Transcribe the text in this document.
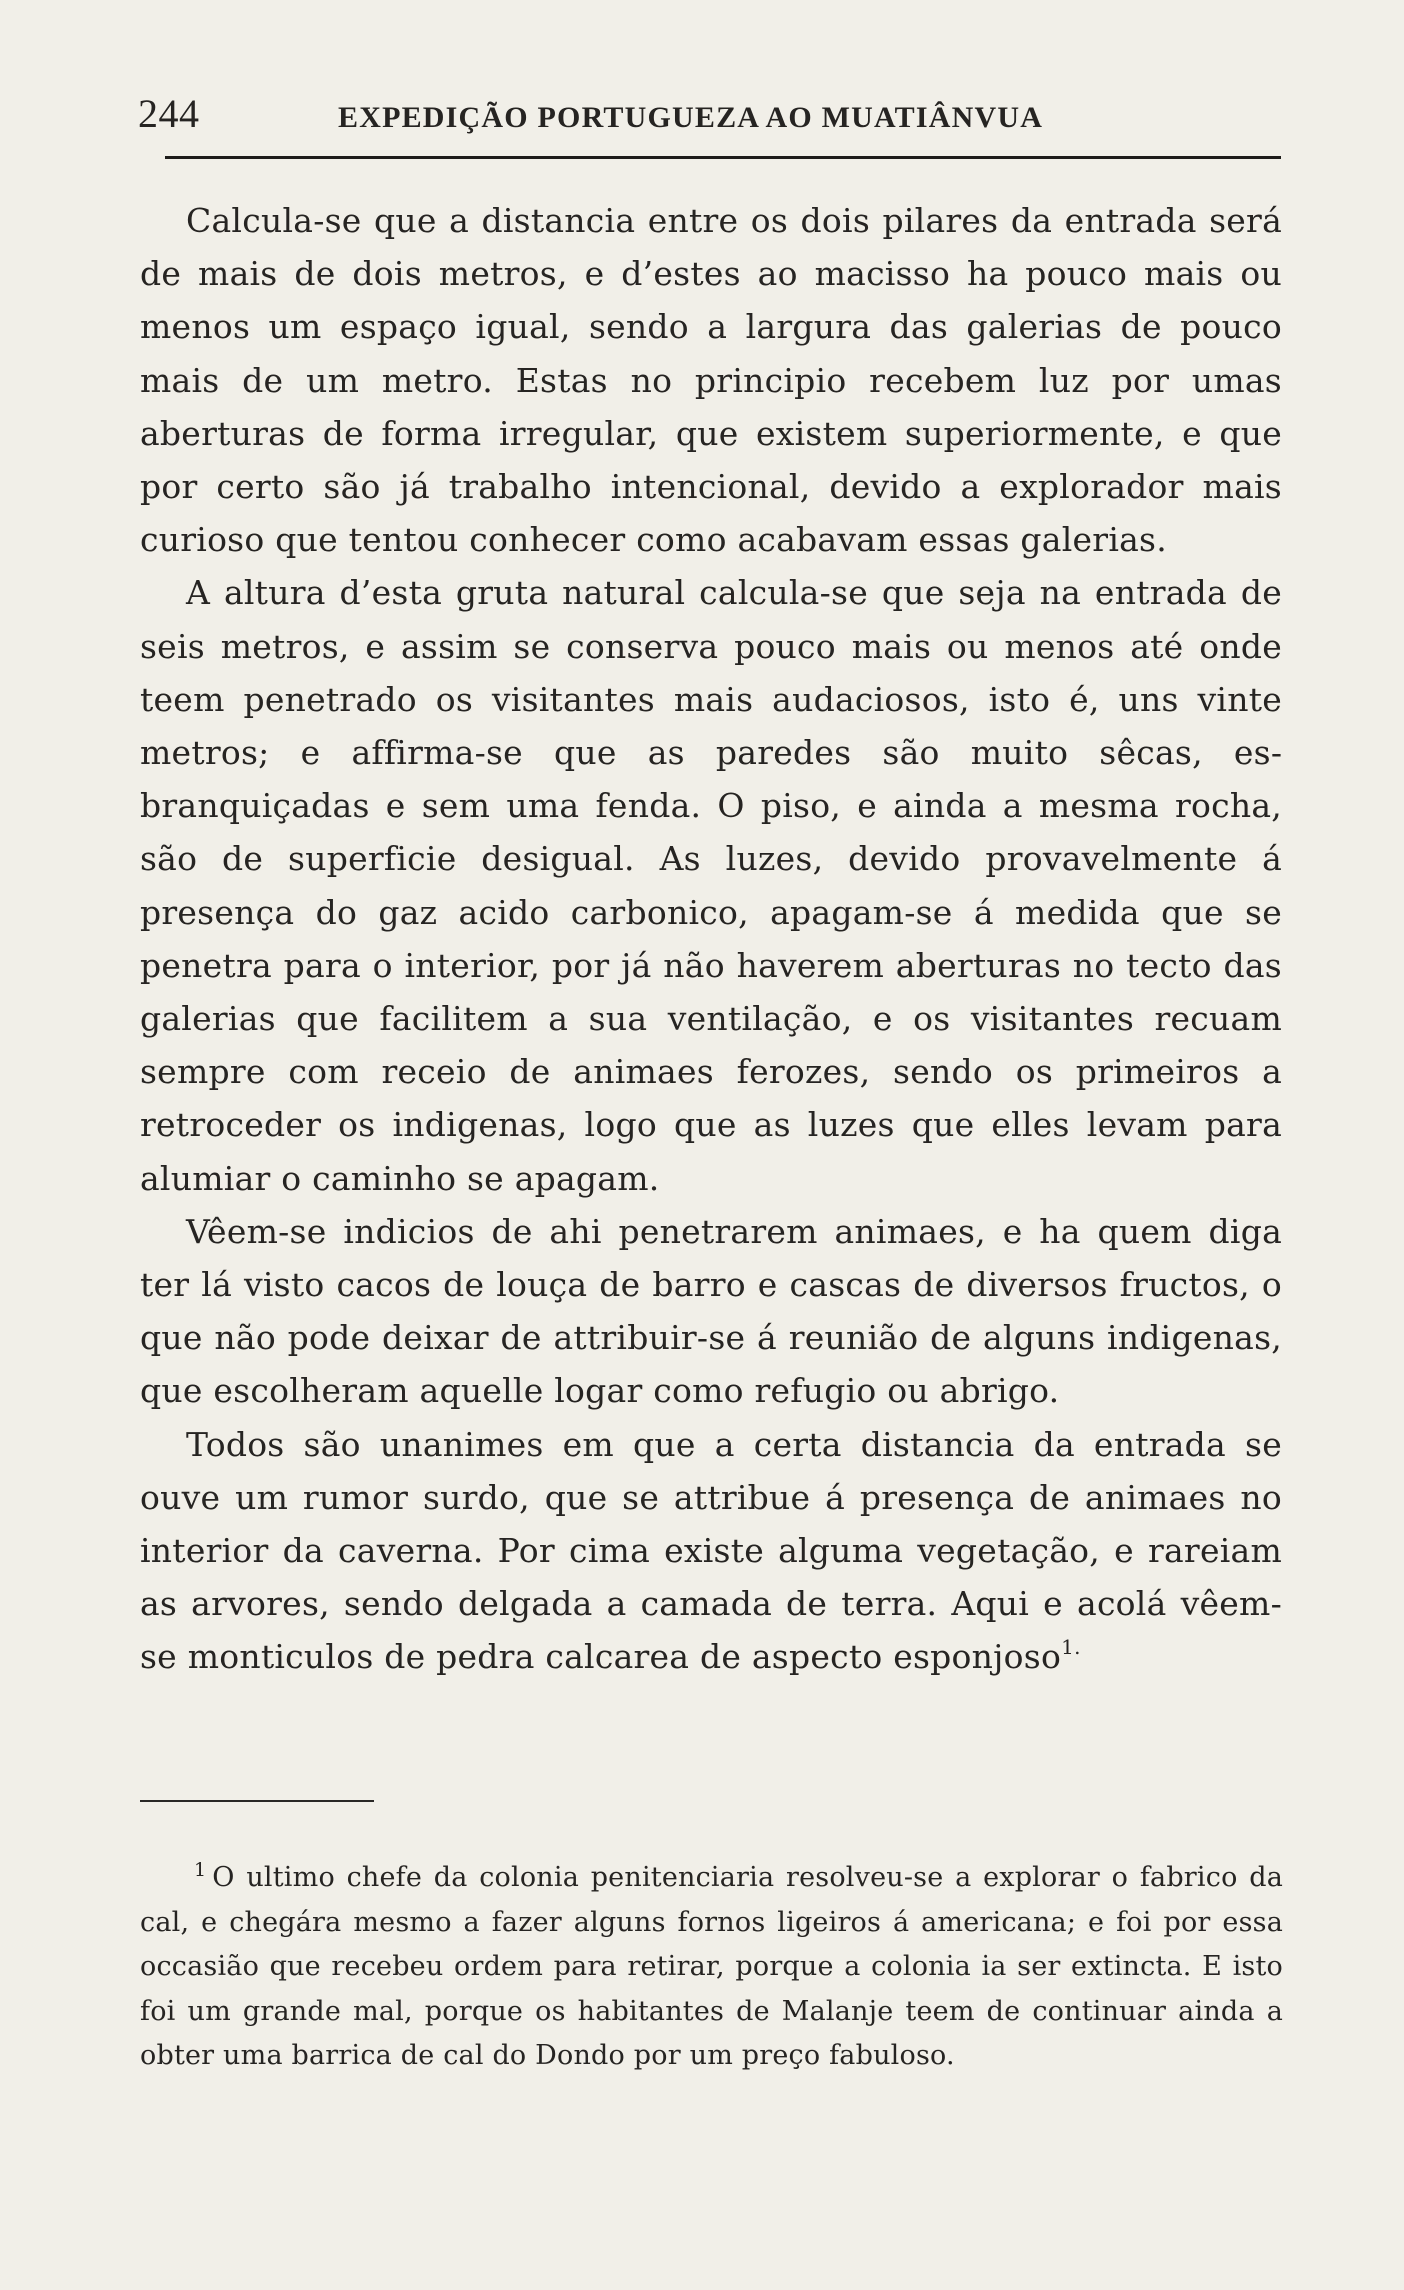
244	EXPEDIÇÃO PORTUGUEZA AO MUATIÂNVUA

Calcula-se que a distancia entre os dois pilares da entrada será de mais de dois metros, e d’estes ao macisso ha pouco mais ou menos um espaço igual, sendo a largura das galerias de pouco mais de um metro. Estas no principio recebem luz por umas aberturas de forma irregular, que existem superiormente, e que por certo são já trabalho intencional, devido a explorador mais curioso que tentou conhecer como acabavam essas galerias.

A altura d’esta gruta natural calcula-se que seja na entrada de seis metros, e assim se conserva pouco mais ou menos até onde teem penetrado os visitantes mais audaciosos, isto é, uns vinte metros; e affirma-se que as paredes são muito sêcas, esbranquiçadas e sem uma fenda. O piso, e ainda a mesma rocha, são de superficie desigual. As luzes, devido provavelmente á presença do gaz acido carbonico, apagam-se á medida que se penetra para o interior, por já não haverem aberturas no tecto das galerias que facilitem a sua ventilação, e os visitantes recuam sempre com receio de animaes ferozes, sendo os primeiros a retroceder os indigenas, logo que as luzes que elles levam para alumiar o caminho se apagam.

Vêem-se indicios de ahi penetrarem animaes, e ha quem diga ter lá visto cacos de louça de barro e cascas de diversos fructos, o que não pode deixar de attribuir-se á reunião de alguns indigenas, que escolheram aquelle logar como refugio ou abrigo.

Todos são unanimes em que a certa distancia da entrada se ouve um rumor surdo, que se attribue á presença de animaes no interior da caverna. Por cima existe alguma vegetação, e rareiam as arvores, sendo delgada a camada de terra. Aqui e acolá vêem-se monticulos de pedra calcarea de aspecto esponjoso$^{1.}$

$^1$ O ultimo chefe da colonia penitenciaria resolveu-se a explorar o fabrico da cal, e chegára mesmo a fazer alguns fornos ligeiros á americana; e foi por essa occasião que recebeu ordem para retirar, porque a colonia ia ser extincta. E isto foi um grande mal, porque os habitantes de Malanje teem de continuar ainda a obter uma barrica de cal do Dondo por um preço fabuloso.
